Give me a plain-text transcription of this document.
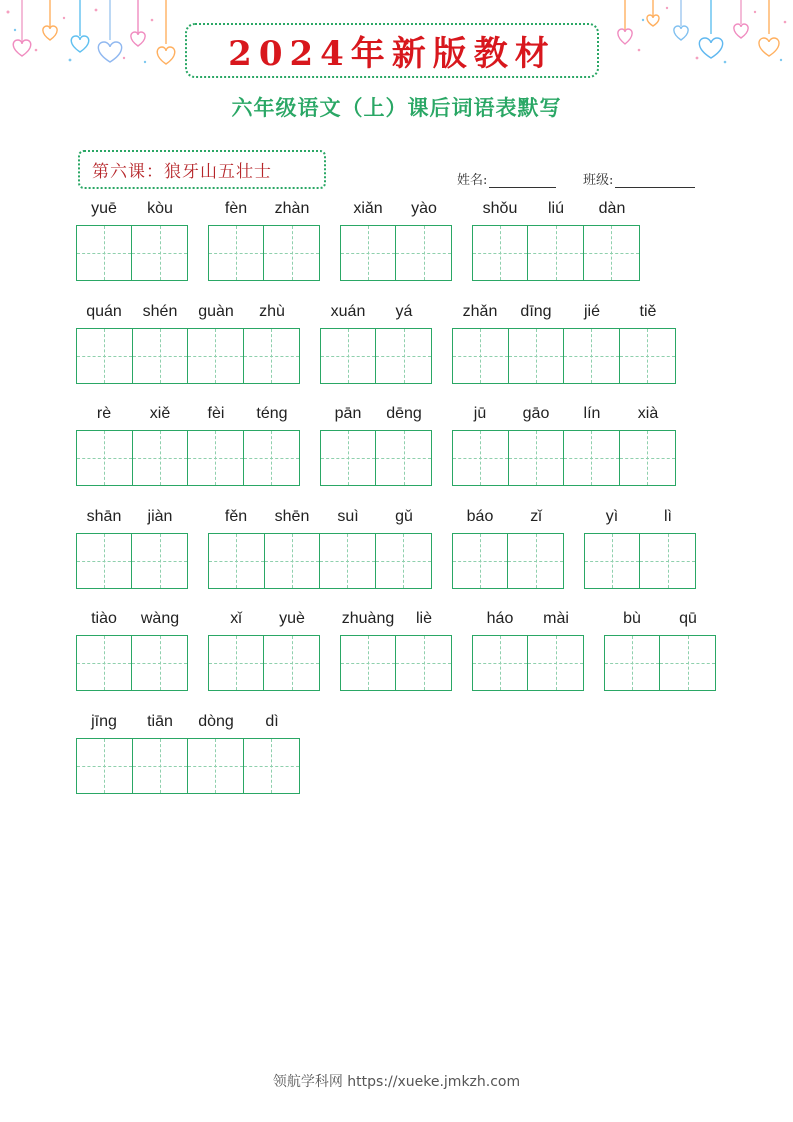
2024年新版教材
六年级语文（上）课后词语表默写
第六课：狼牙山五壮士	姓名:	班级:
yuē	kòu	fèn	zhàn	xiǎn	yào	shǒu	liú	dàn
quán	shén	guàn	zhù	xuán	yá	zhǎn	dīng	jié	tiě
rè	xiě	fèi	téng	pān	dēng	jū	gāo	lín	xià
shān	jiàn	fěn	shēn	suì	gǔ	báo	zǐ	yì	lì
tiào	wàng	xǐ	yuè	zhuàng	liè	háo	mài	bù	qū
jīng	tiān	dòng	dì
领航学科网 https://xueke.jmkzh.com
